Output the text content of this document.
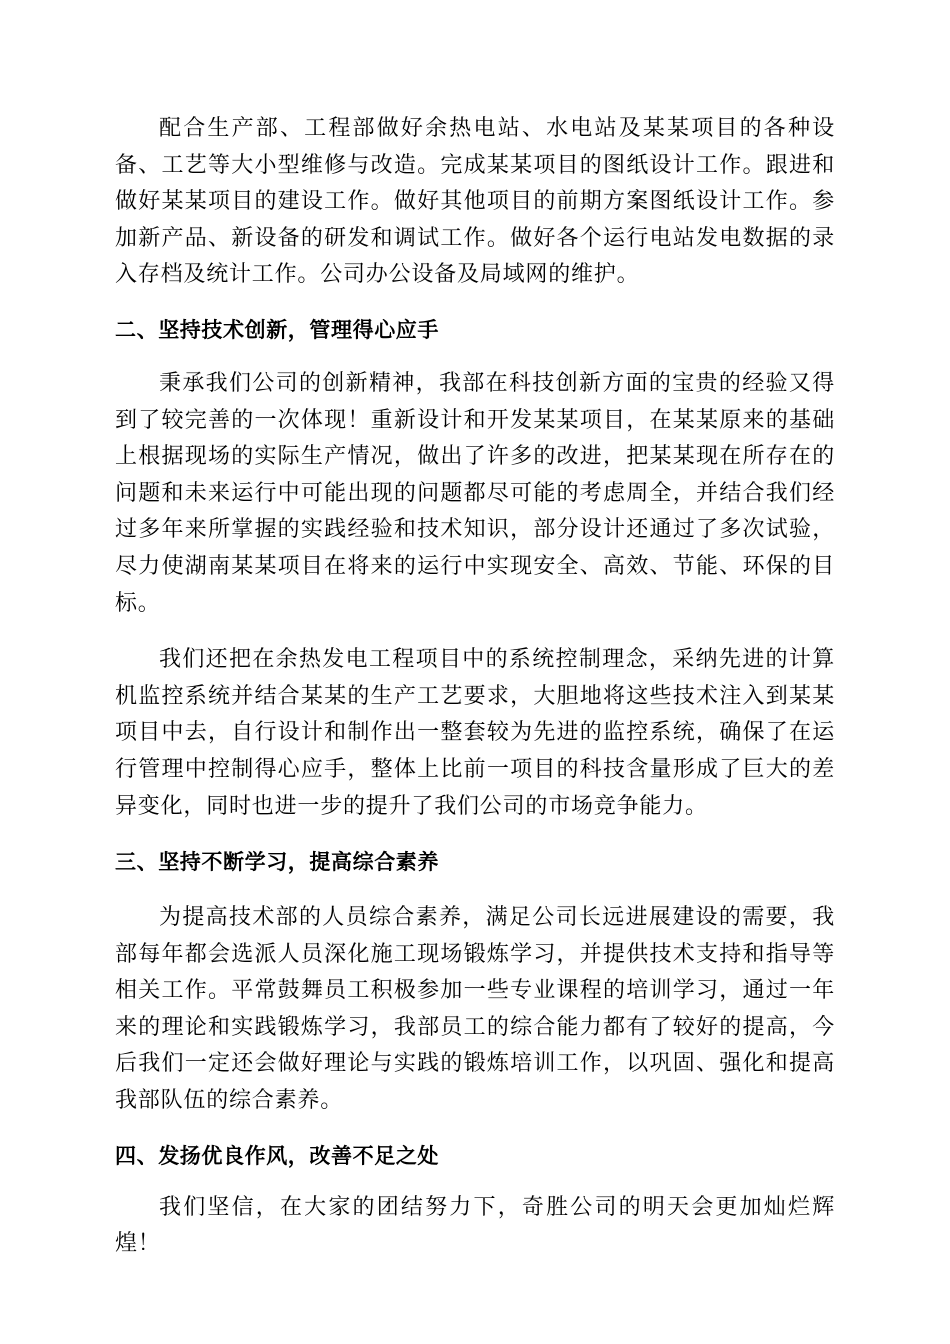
配合生产部、工程部做好余热电站、水电站及某某项目的各种设备、工艺等大小型维修与改造。完成某某项目的图纸设计工作。跟进和做好某某项目的建设工作。做好其他项目的前期方案图纸设计工作。参加新产品、新设备的研发和调试工作。做好各个运行电站发电数据的录入存档及统计工作。公司办公设备及局域网的维护。

二、坚持技术创新，管理得心应手

秉承我们公司的创新精神，我部在科技创新方面的宝贵的经验又得到了较完善的一次体现！重新设计和开发某某项目，在某某原来的基础上根据现场的实际生产情况，做出了许多的改进，把某某现在所存在的问题和未来运行中可能出现的问题都尽可能的考虑周全，并结合我们经过多年来所掌握的实践经验和技术知识，部分设计还通过了多次试验，尽力使湖南某某项目在将来的运行中实现安全、高效、节能、环保的目标。

我们还把在余热发电工程项目中的系统控制理念，采纳先进的计算机监控系统并结合某某的生产工艺要求，大胆地将这些技术注入到某某项目中去，自行设计和制作出一整套较为先进的监控系统，确保了在运行管理中控制得心应手，整体上比前一项目的科技含量形成了巨大的差异变化，同时也进一步的提升了我们公司的市场竞争能力。

三、坚持不断学习，提高综合素养

为提高技术部的人员综合素养，满足公司长远进展建设的需要，我部每年都会选派人员深化施工现场锻炼学习，并提供技术支持和指导等相关工作。平常鼓舞员工积极参加一些专业课程的培训学习，通过一年来的理论和实践锻炼学习，我部员工的综合能力都有了较好的提高，今后我们一定还会做好理论与实践的锻炼培训工作，以巩固、强化和提高我部队伍的综合素养。

四、发扬优良作风，改善不足之处

我们坚信，在大家的团结努力下，奇胜公司的明天会更加灿烂辉煌！
